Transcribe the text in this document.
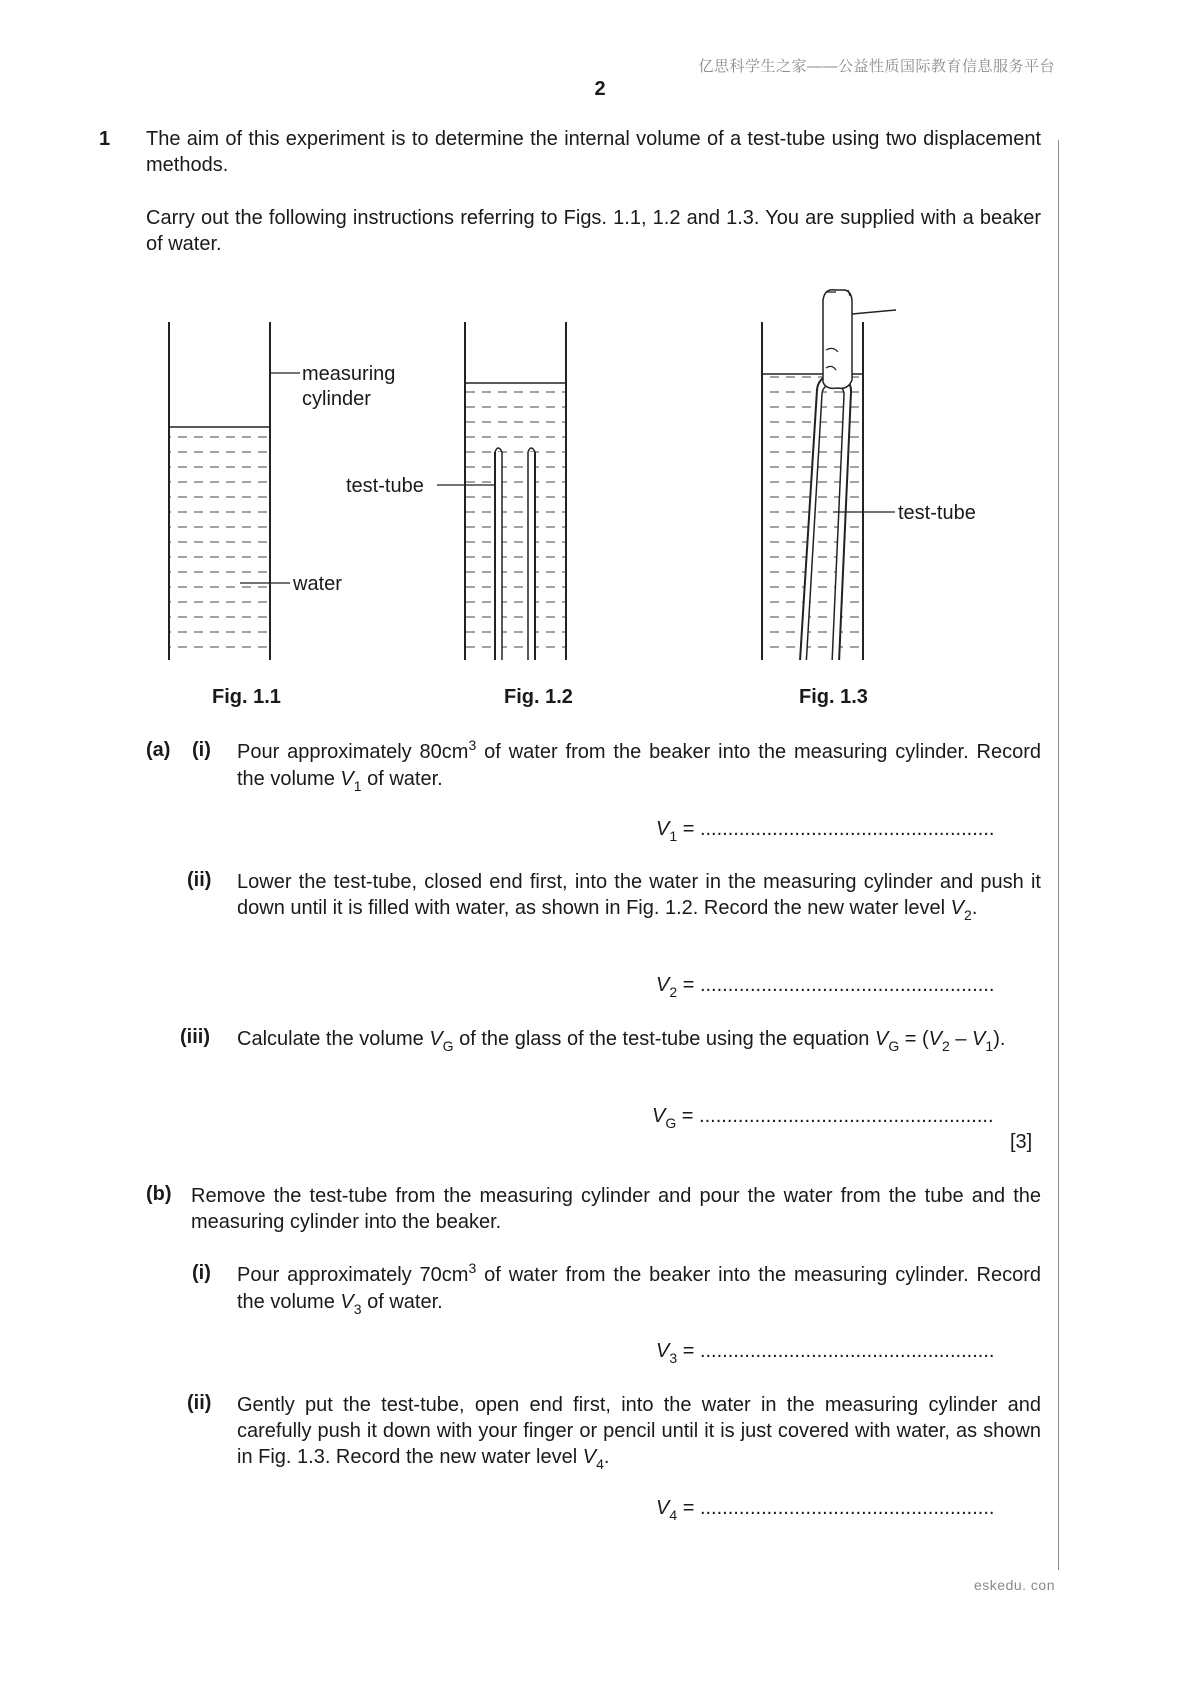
亿思科学生之家——公益性质国际教育信息服务平台
2
eskedu. con
1 The aim of this experiment is to determine the internal volume of a test-tube using two displacement methods.

Carry out the following instructions referring to Figs. 1.1, 1.2 and 1.3. You are supplied with a beaker of water.

measuring
cylinder
water
test-tube
test-tube
Fig. 1.1	Fig. 1.2	Fig. 1.3
(a) (i) Pour approximately $80cm^3$ of water from the beaker into the measuring cylinder. Record the volume $V_1$ of water.

$V_1$ = .....................................................
(ii) Lower the test-tube, closed end first, into the water in the measuring cylinder and push it down until it is filled with water, as shown in Fig. 1.2. Record the new water level $V_2$.

$V_2$ = .....................................................
(iii) Calculate the volume $V_G$ of the glass of the test-tube using the equation $V_G = (V_2 - V_1)$.

$V_G$ = .....................................................
[3]
(b) Remove the test-tube from the measuring cylinder and pour the water from the tube and the measuring cylinder into the beaker.

(i) Pour approximately $70cm^3$ of water from the beaker into the measuring cylinder. Record the volume $V_3$ of water.

$V_3$ = .....................................................
(ii) Gently put the test-tube, open end first, into the water in the measuring cylinder and carefully push it down with your finger or pencil until it is just covered with water, as shown in Fig. 1.3. Record the new water level $V_4$.

$V_4$ = .....................................................
